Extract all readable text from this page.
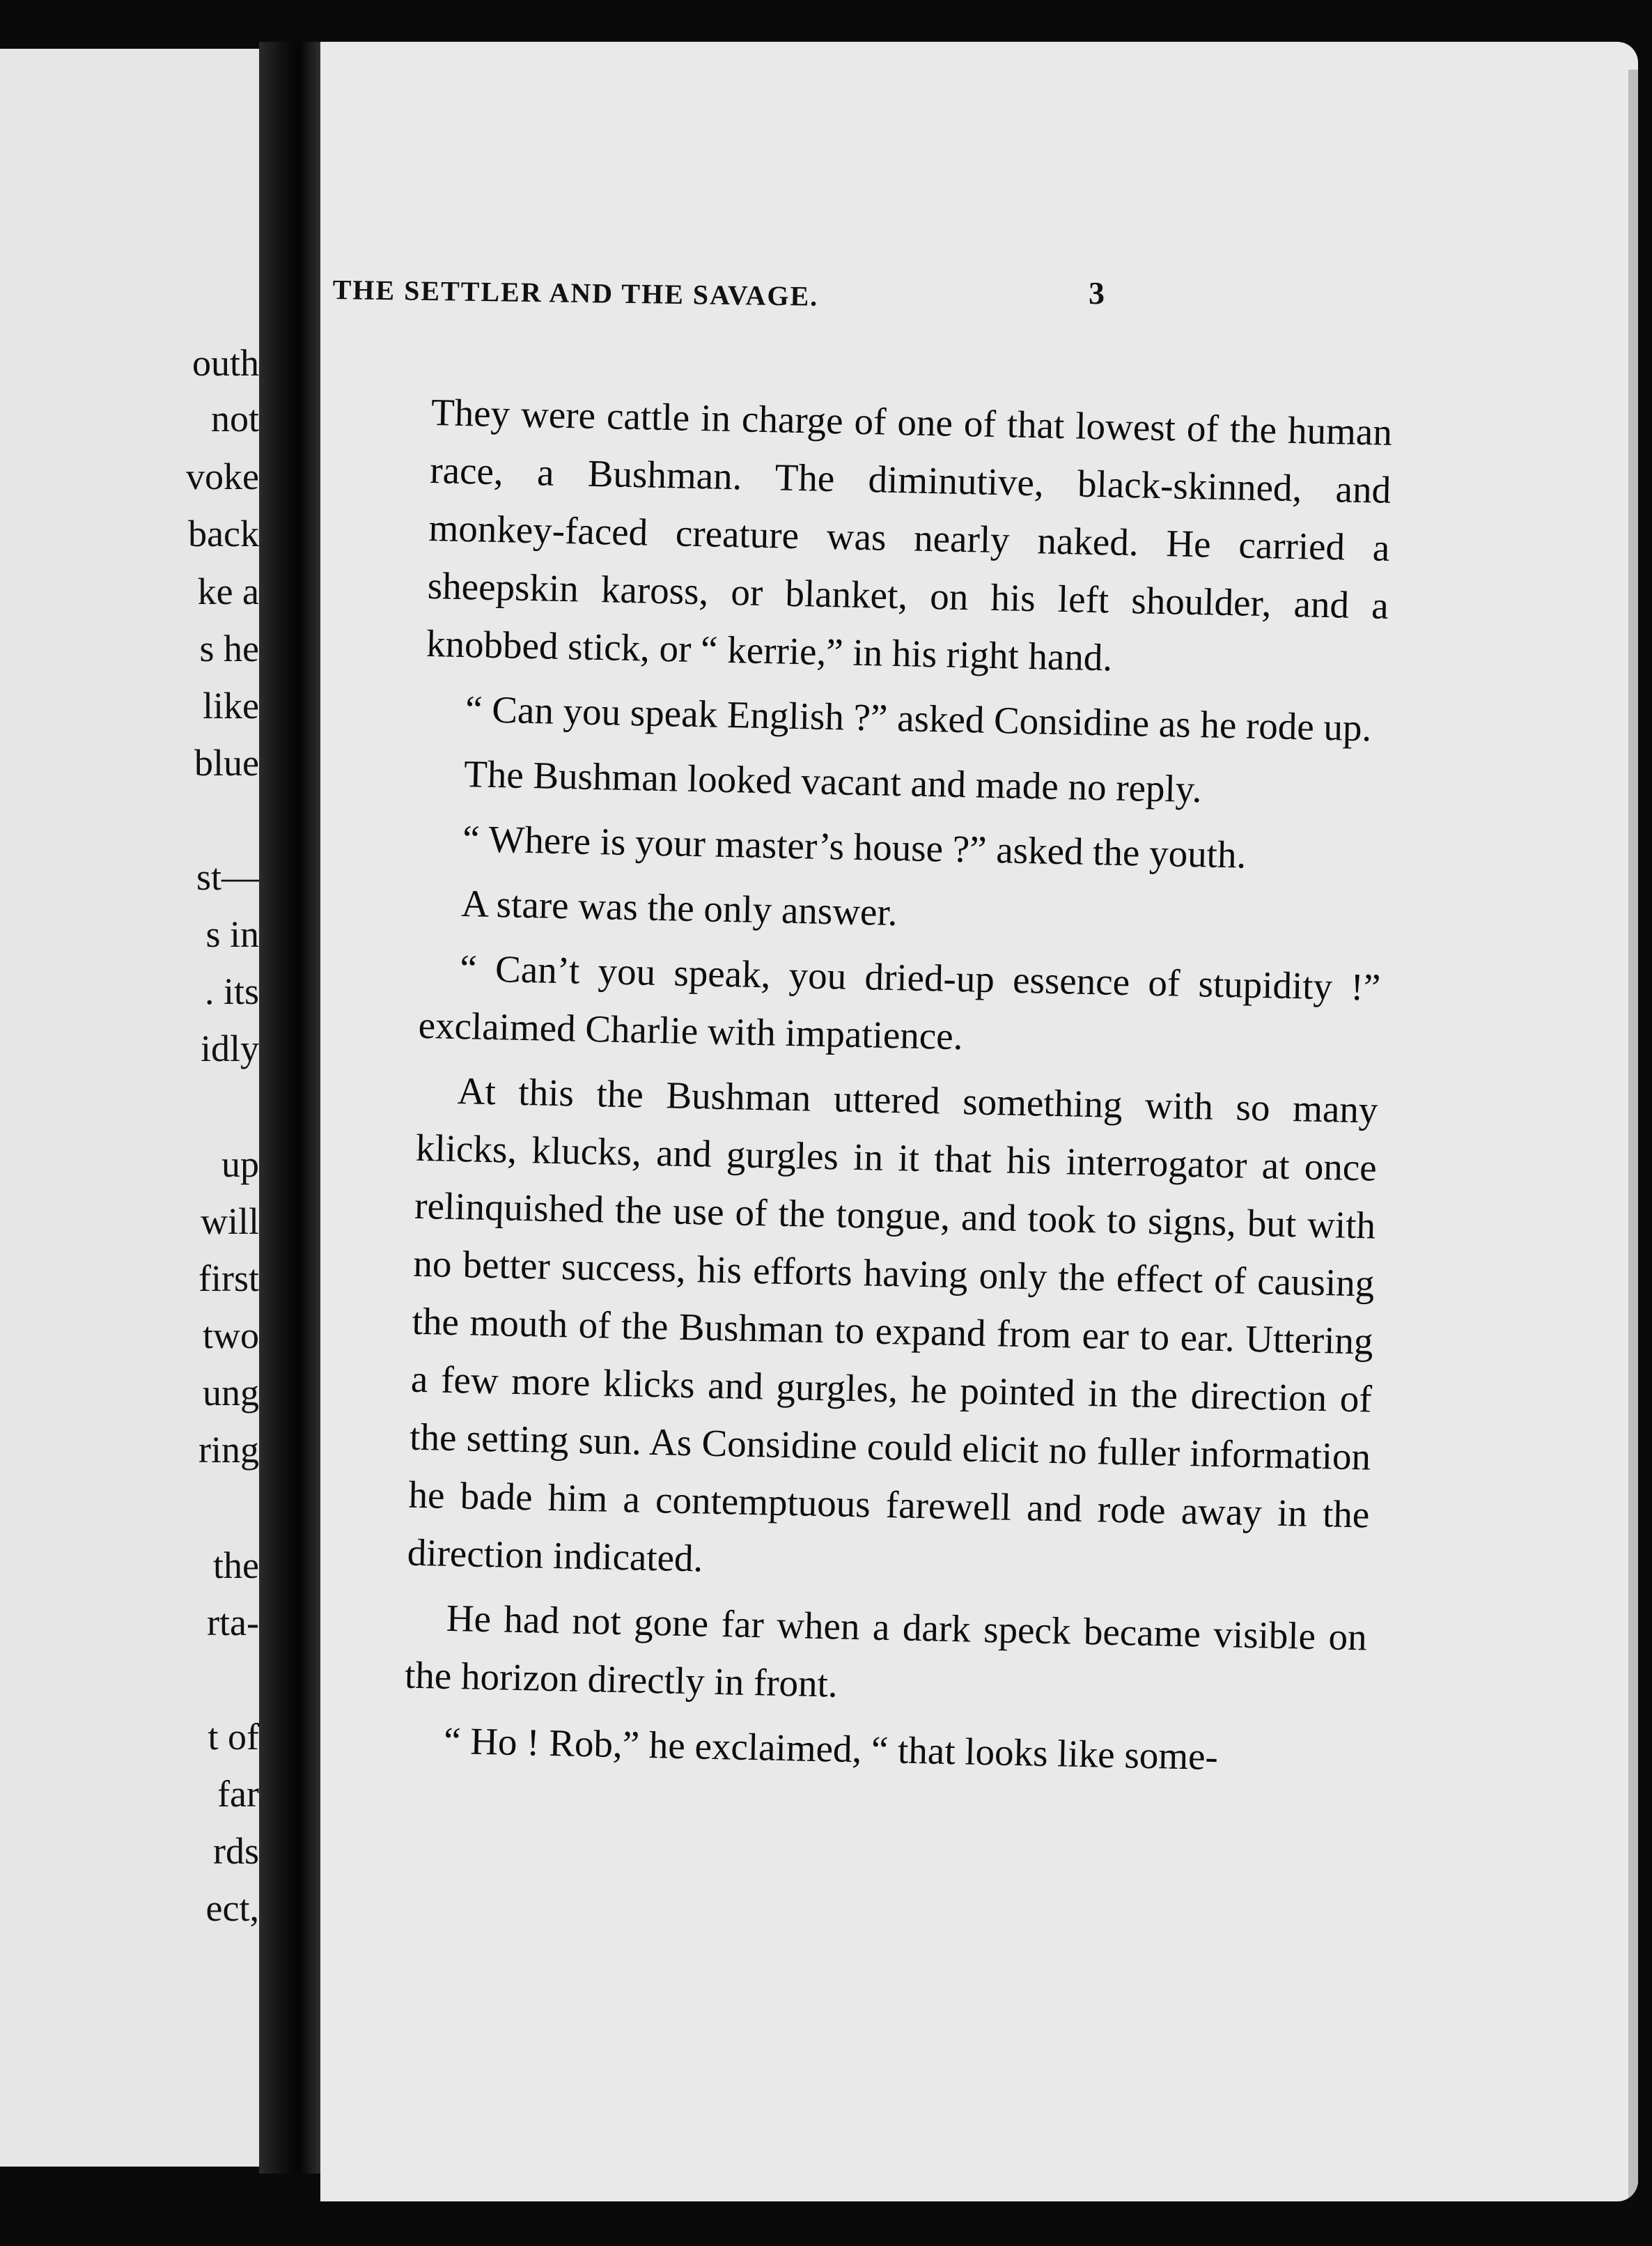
outh
not
voke
back
ke a
s he
like
blue
st—
s in
. its
idly
up
will
first
two
ung
ring
the
rta-
t of
far
rds
ect,

They were cattle in charge of one of that lowest of the human race, a Bushman. The diminutive, black-skinned, and monkey-faced creature was nearly naked. He carried a sheepskin kaross, or blanket, on his left shoulder, and a knobbed stick, or “ kerrie,” in his right hand.

“ Can you speak English ?” asked Considine as he rode up.

The Bushman looked vacant and made no reply.

“ Where is your master’s house ?” asked the youth.

A stare was the only answer.

“ Can’t you speak, you dried-up essence of stupidity !” exclaimed Charlie with impatience.

At this the Bushman uttered something with so many klicks, klucks, and gurgles in it that his interrogator at once relinquished the use of the tongue, and took to signs, but with no better success, his efforts having only the effect of causing the mouth of the Bushman to expand from ear to ear. Uttering a few more klicks and gurgles, he pointed in the direction of the setting sun. As Considine could elicit no fuller information he bade him a contemptuous farewell and rode away in the direction indicated.

He had not gone far when a dark speck became visible on the horizon directly in front.

“ Ho ! Rob,” he exclaimed, “ that looks like some-

THE SETTLER AND THE SAVAGE.	3
